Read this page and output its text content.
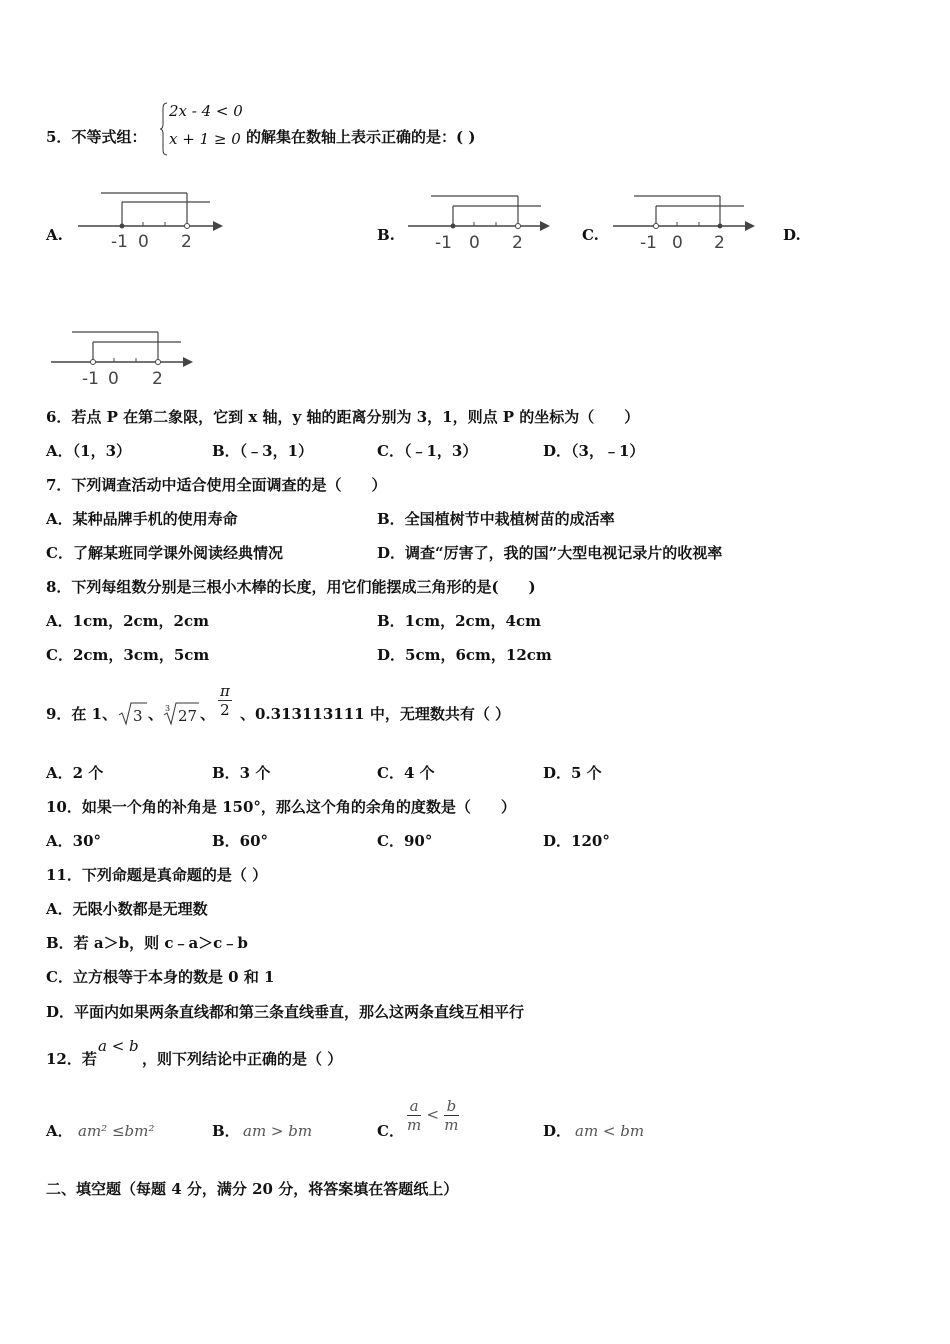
5．不等式组：
2x - 4 < 0
x + 1 ≥ 0 的解集在数轴上表示正确的是：( )
A.	B.	C.	D.
-1 0 2	-1 0 2	-1 0 2
-1 0 2
6．若点 P 在第二象限，它到 x 轴，y 轴的距离分别为 3，1，则点 P 的坐标为（　　）
A．（1，3）	B．（﹣3，1）	C．（﹣1，3）	D．（3，﹣1）
7．下列调查活动中适合使用全面调查的是（　　）
A．某种品牌手机的使用寿命	B．全国植树节中栽植树苗的成活率
C．了解某班同学课外阅读经典情况	D．调查“厉害了，我的国”大型电视记录片的收视率
8．下列每组数分别是三根小木棒的长度，用它们能摆成三角形的是(　　)
A．1cm，2cm，2cm	B．1cm，2cm，4cm
C．2cm，3cm，5cm	D．5cm，6cm，12cm
9．在 1、 3 、 3 27 、 $\frac{\pi}{2}$ 、0.313113111 中，无理数共有（ ）
A．2 个	B．3 个	C．4 个	D．5 个
10．如果一个角的补角是 150°，那么这个角的余角的度数是（　　）
A．30°	B．60°	C．90°	D．120°
11．下列命题是真命题的是（ ）
A．无限小数都是无理数
B．若 a＞b，则 c﹣a＞c﹣b
C．立方根等于本身的数是 0 和 1
D．平面内如果两条直线都和第三条直线垂直，那么这两条直线互相平行
12．若
a < b
，则下列结论中正确的是（ ）
A． am² ≤bm²	B． am > bm	C． $\frac{a}{m} < \frac{b}{m}$	D． am < bm
二、填空题（每题 4 分，满分 20 分，将答案填在答题纸上）
